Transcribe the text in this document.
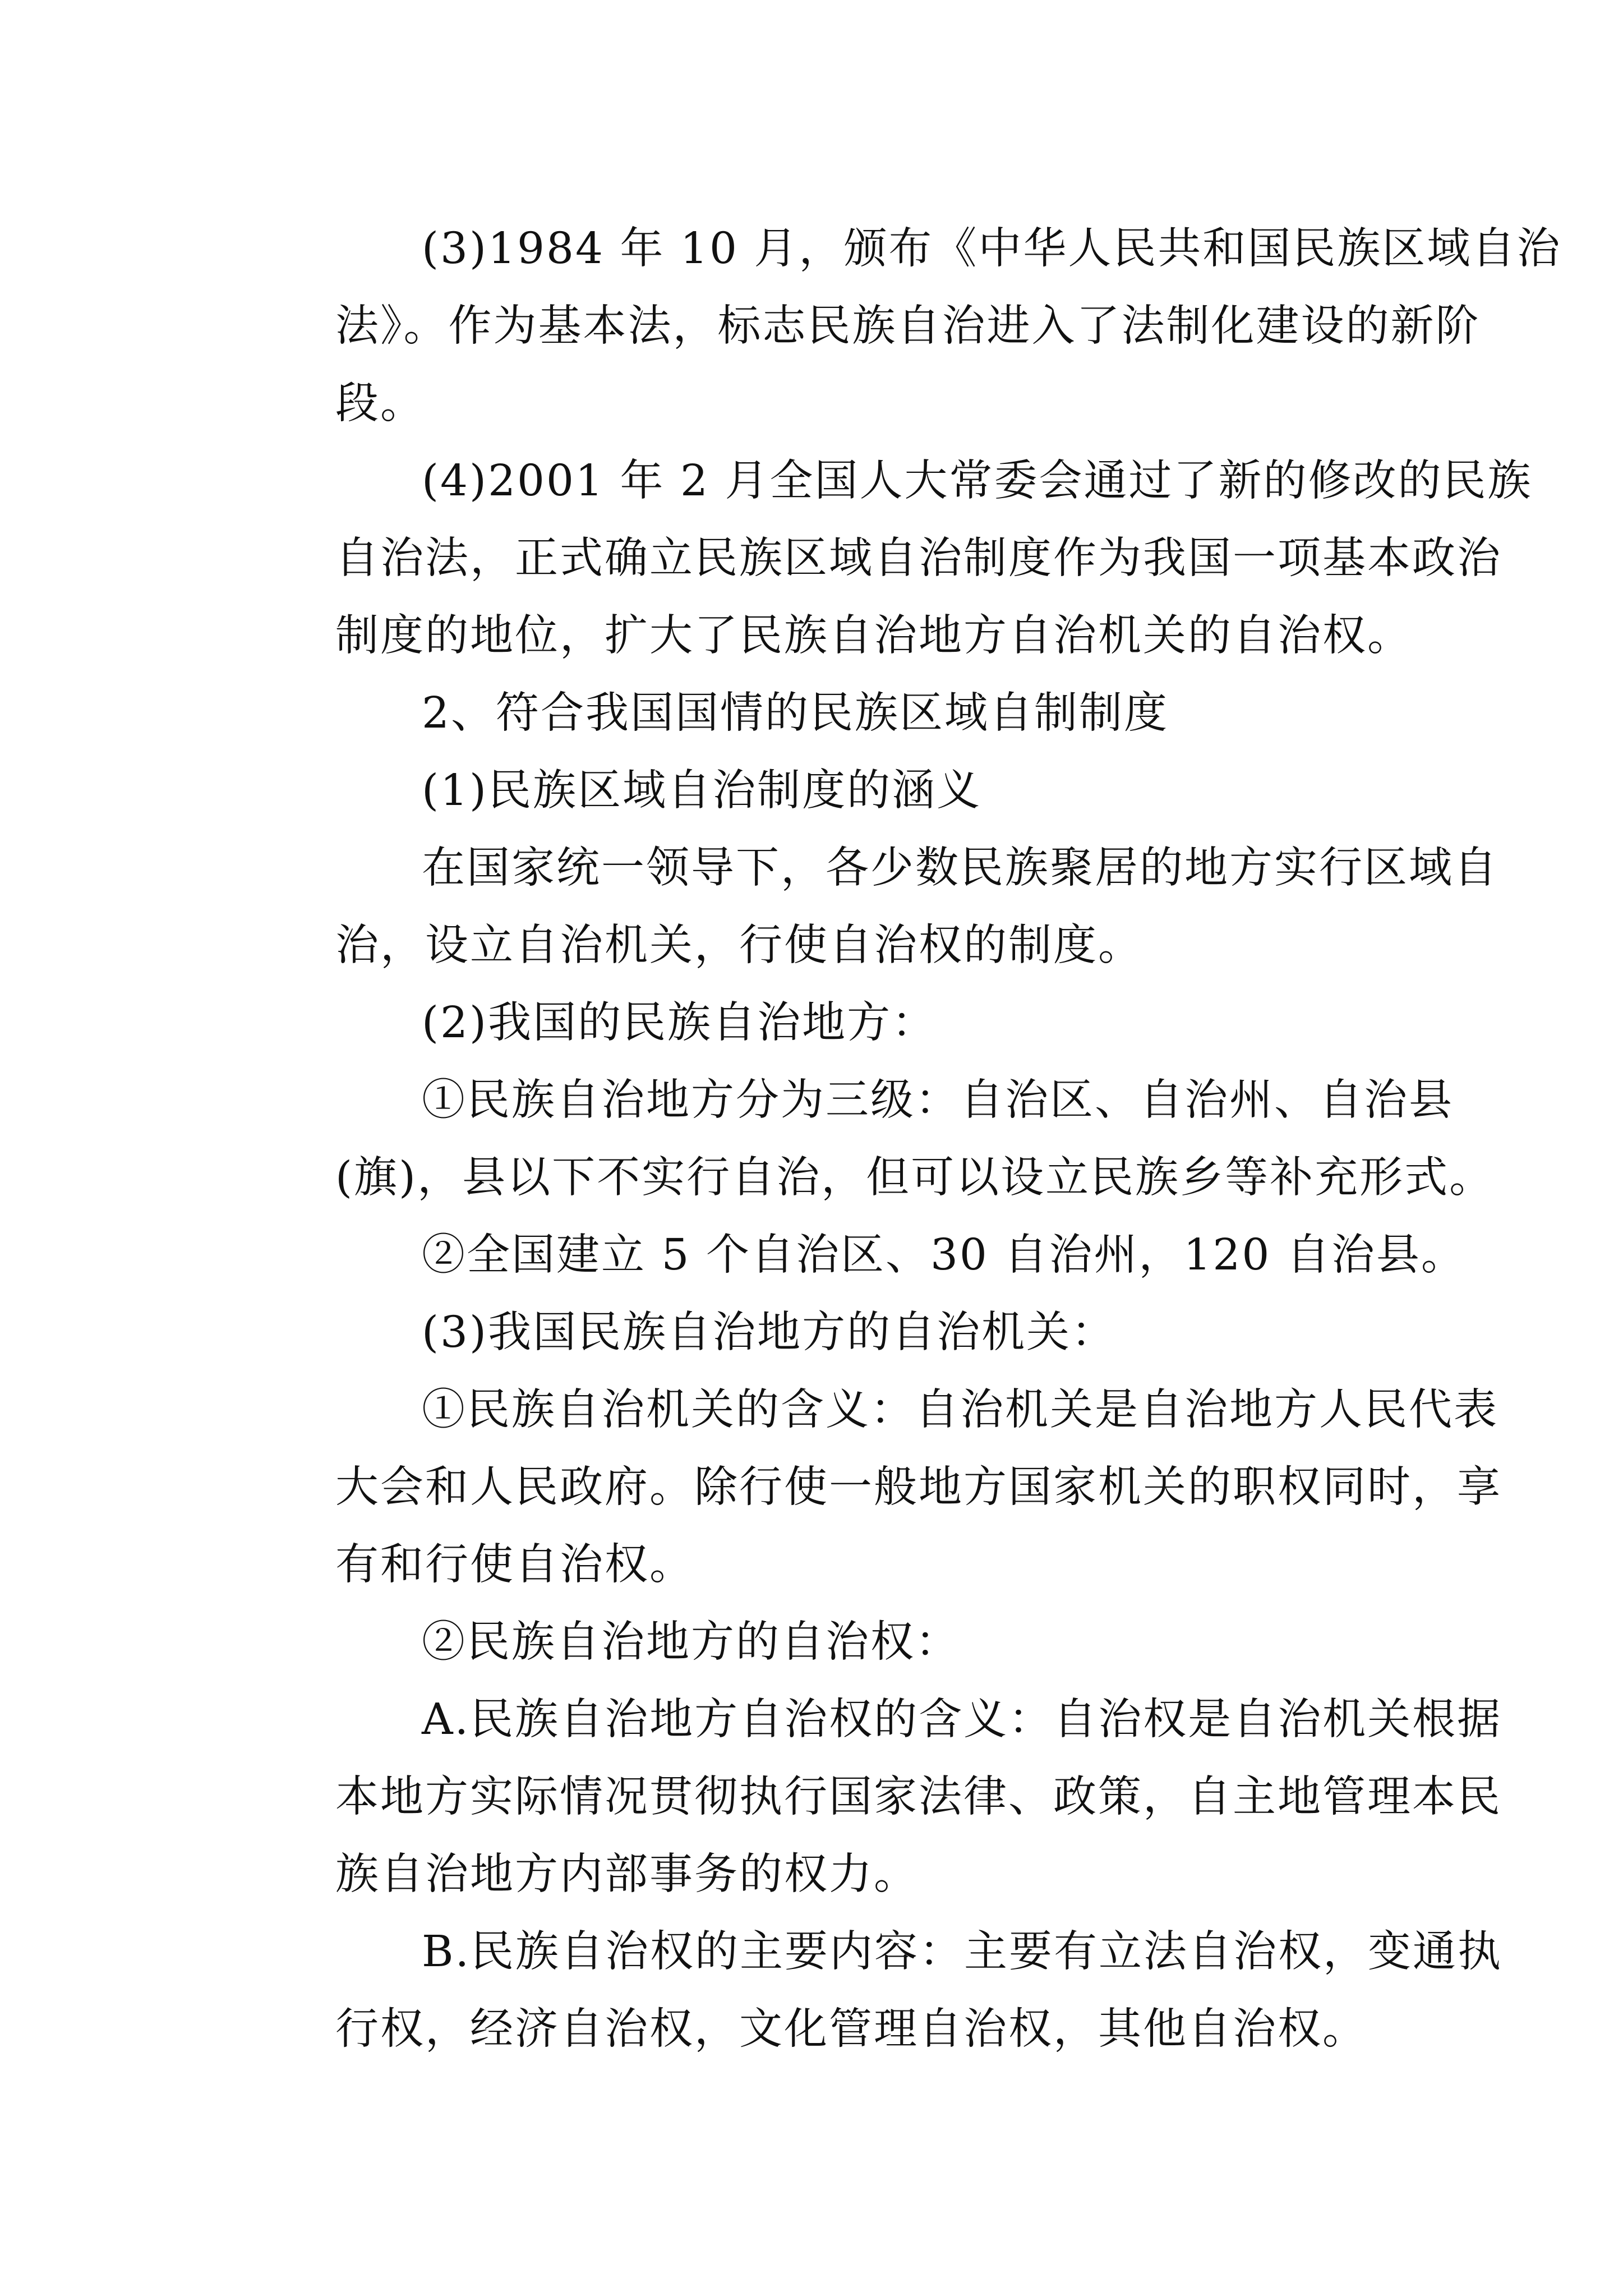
(3)1984 年 10 月，颁布《中华人民共和国民族区域自治
法》。作为基本法，标志民族自治进入了法制化建设的新阶
段。

(4)2001 年 2 月全国人大常委会通过了新的修改的民族
自治法，正式确立民族区域自治制度作为我国一项基本政治
制度的地位，扩大了民族自治地方自治机关的自治权。

2、符合我国国情的民族区域自制制度

(1)民族区域自治制度的涵义

在国家统一领导下，各少数民族聚居的地方实行区域自
治，设立自治机关，行使自治权的制度。

(2)我国的民族自治地方：

①民族自治地方分为三级：自治区、自治州、自治县
(旗)，县以下不实行自治，但可以设立民族乡等补充形式。

②全国建立 5 个自治区、30 自治州，120 自治县。

(3)我国民族自治地方的自治机关：

①民族自治机关的含义：自治机关是自治地方人民代表
大会和人民政府。除行使一般地方国家机关的职权同时，享
有和行使自治权。

②民族自治地方的自治权：

A.民族自治地方自治权的含义：自治权是自治机关根据
本地方实际情况贯彻执行国家法律、政策，自主地管理本民
族自治地方内部事务的权力。

B.民族自治权的主要内容：主要有立法自治权，变通执
行权，经济自治权，文化管理自治权，其他自治权。
